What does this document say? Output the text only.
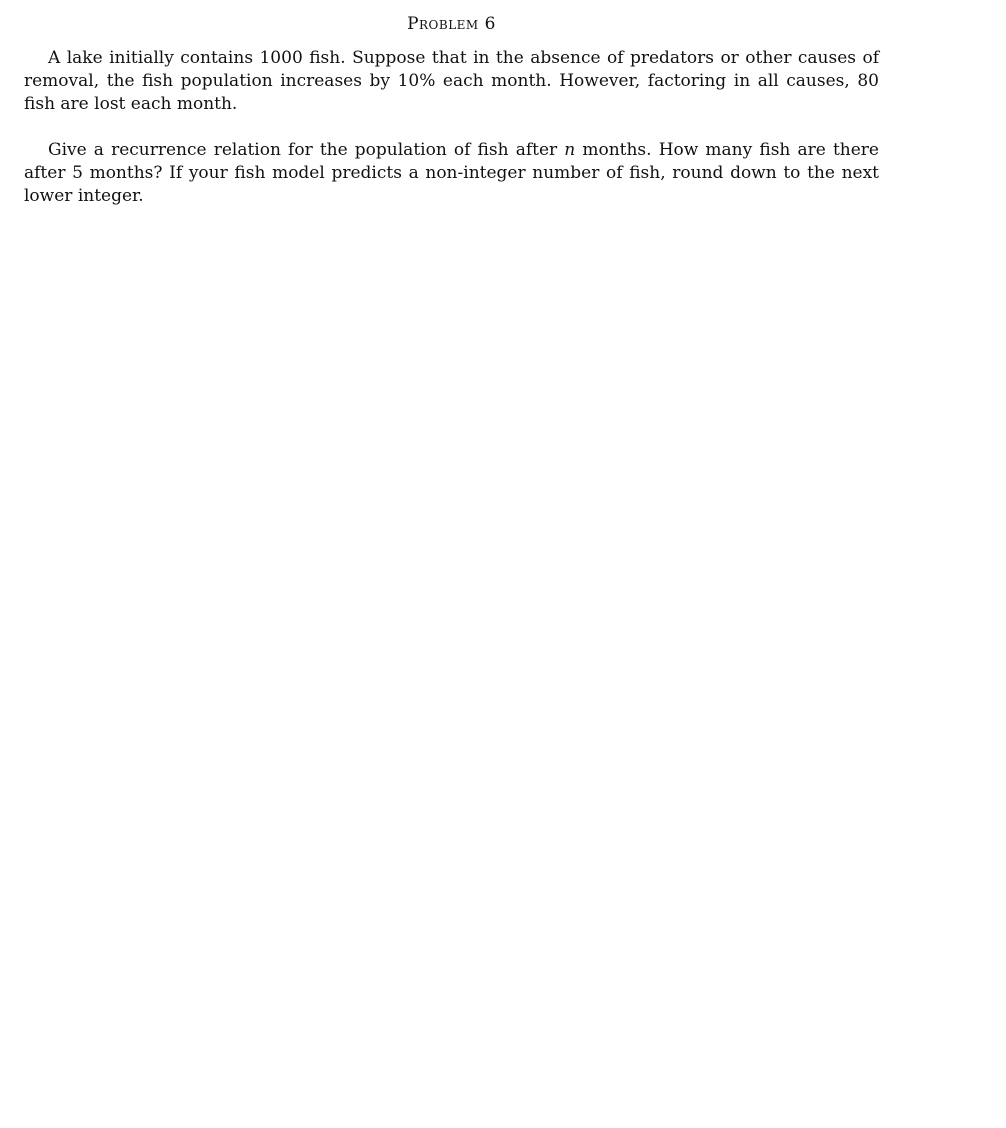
Problem 6

A lake initially contains 1000 fish. Suppose that in the absence of predators or other causes of removal, the fish population increases by 10% each month. However, factoring in all causes, 80 fish are lost each month.

Give a recurrence relation for the population of fish after n months. How many fish are there after 5 months? If your fish model predicts a non-integer number of fish, round down to the next lower integer.
